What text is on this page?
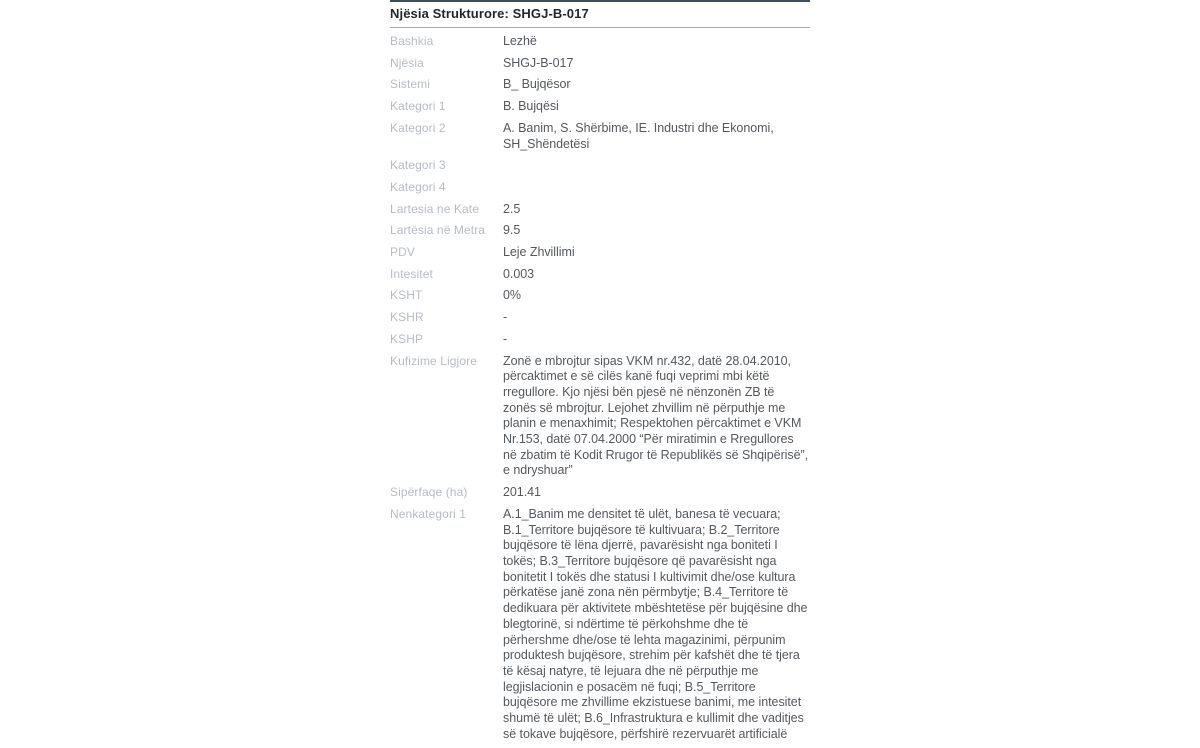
Njësia Strukturore: SHGJ-B-017
Bashkia	Lezhë
Njësia	SHGJ-B-017
Sistemi	B_ Bujqësor
Kategori 1	B. Bujqësi
Kategori 2	A. Banim, S. Shërbime, IE. Industri dhe Ekonomi, SH_Shëndetësi
Kategori 3
Kategori 4
Lartesia ne Kate	2.5
Lartësia në Metra	9.5
PDV	Leje Zhvillimi
Intesitet	0.003
KSHT	0%
KSHR	-
KSHP	-
Kufizime Ligjore	Zonë e mbrojtur sipas VKM nr.432, datë 28.04.2010, përcaktimet e së cilës kanë fuqi veprimi mbi këtë rregullore. Kjo njësi bën pjesë në nënzonën ZB të zonës së mbrojtur. Lejohet zhvillim në përputhje me planin e menaxhimit; Respektohen përcaktimet e VKM Nr.153, datë 07.04.2000 “Për miratimin e Rregullores në zbatim të Kodit Rrugor të Republikës së Shqipërisë”, e ndryshuar”
Sipërfaqe (ha)	201.41
Nenkategori 1	A.1_Banim me densitet të ulët, banesa të vecuara; B.1_Territore bujqësore të kultivuara; B.2_Territore bujqësore të lëna djerrë, pavarësisht nga boniteti I tokës; B.3_Territore bujqësore që pavarësisht nga bonitetit I tokës dhe statusi I kultivimit dhe/ose kultura përkatëse janë zona nën përmbytje; B.4_Territore të dedikuara për aktivitete mbështetëse për bujqësine dhe blegtorinë, si ndërtime të përkohshme dhe të përhershme dhe/ose të lehta magazinimi, përpunim produktesh bujqësore, strehim për kafshët dhe të tjera të kësaj natyre, të lejuara dhe në përputhje me legjislacionin e posacëm në fuqi; B.5_Territore bujqësore me zhvillime ekzistuese banimi, me intesitet shumë të ulët; B.6_Infrastruktura e kullimit dhe vaditjes së tokave bujqësore, përfshirë rezervuarët artificialë
